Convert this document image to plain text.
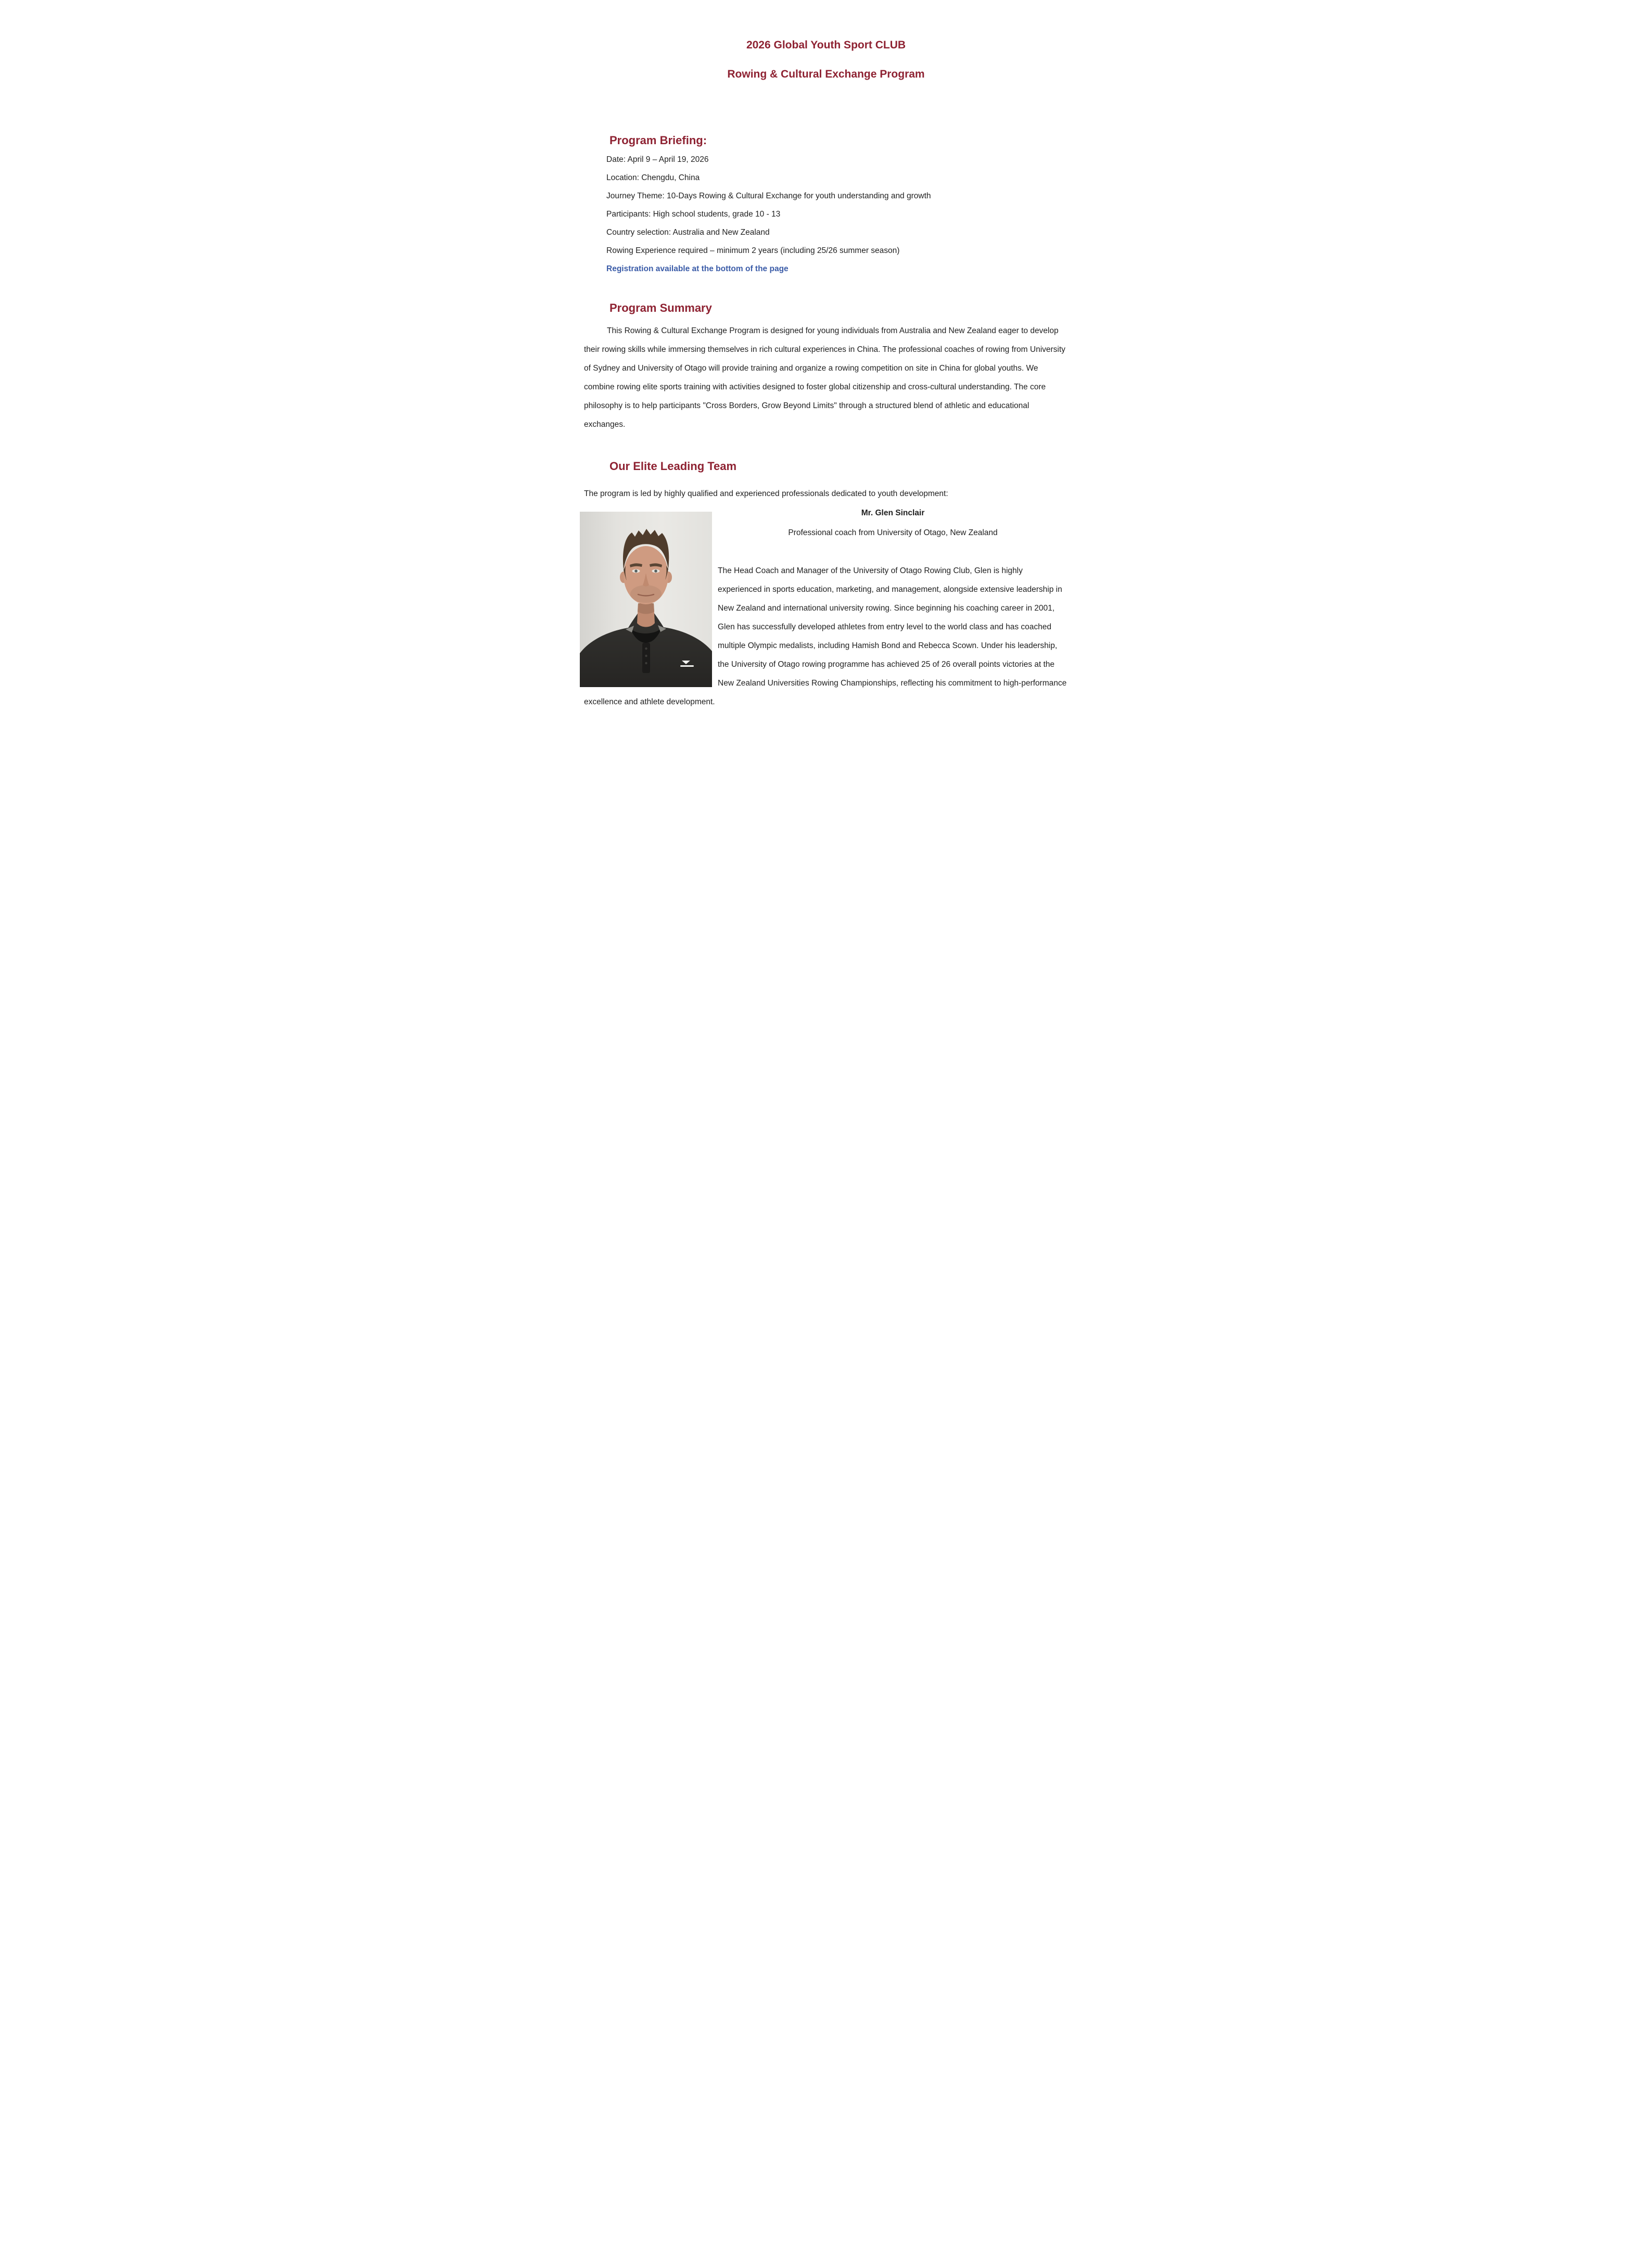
2026 Global Youth Sport CLUB
Rowing & Cultural Exchange Program
Program Briefing:
Date: April 9 – April 19, 2026
Location: Chengdu, China
Journey Theme: 10-Days Rowing & Cultural Exchange for youth understanding and growth
Participants: High school students, grade 10 - 13
Country selection: Australia and New Zealand
Rowing Experience required – minimum 2 years (including 25/26 summer season)
Registration available at the bottom of the page
Program Summary

This Rowing & Cultural Exchange Program is designed for young individuals from Australia and New Zealand eager to develop their rowing skills while immersing themselves in rich cultural experiences in China. The professional coaches of rowing from University of Sydney and University of Otago will provide training and organize a rowing competition on site in China for global youths. We combine rowing elite sports training with activities designed to foster global citizenship and cross-cultural understanding. The core philosophy is to help participants "Cross Borders, Grow Beyond Limits" through a structured blend of athletic and educational exchanges.

Our Elite Leading Team
The program is led by highly qualified and experienced professionals dedicated to youth development:
Mr. Glen Sinclair
Professional coach from University of Otago, New Zealand

The Head Coach and Manager of the University of Otago Rowing Club, Glen is highly experienced in sports education, marketing, and management, alongside extensive leadership in New Zealand and international university rowing. Since beginning his coaching career in 2001, Glen has successfully developed athletes from entry level to the world class and has coached multiple Olympic medalists, including Hamish Bond and Rebecca Scown. Under his leadership, the University of Otago rowing programme has achieved 25 of 26 overall points victories at the New Zealand Universities Rowing Championships, reflecting his commitment to high-performance excellence and athlete development.
